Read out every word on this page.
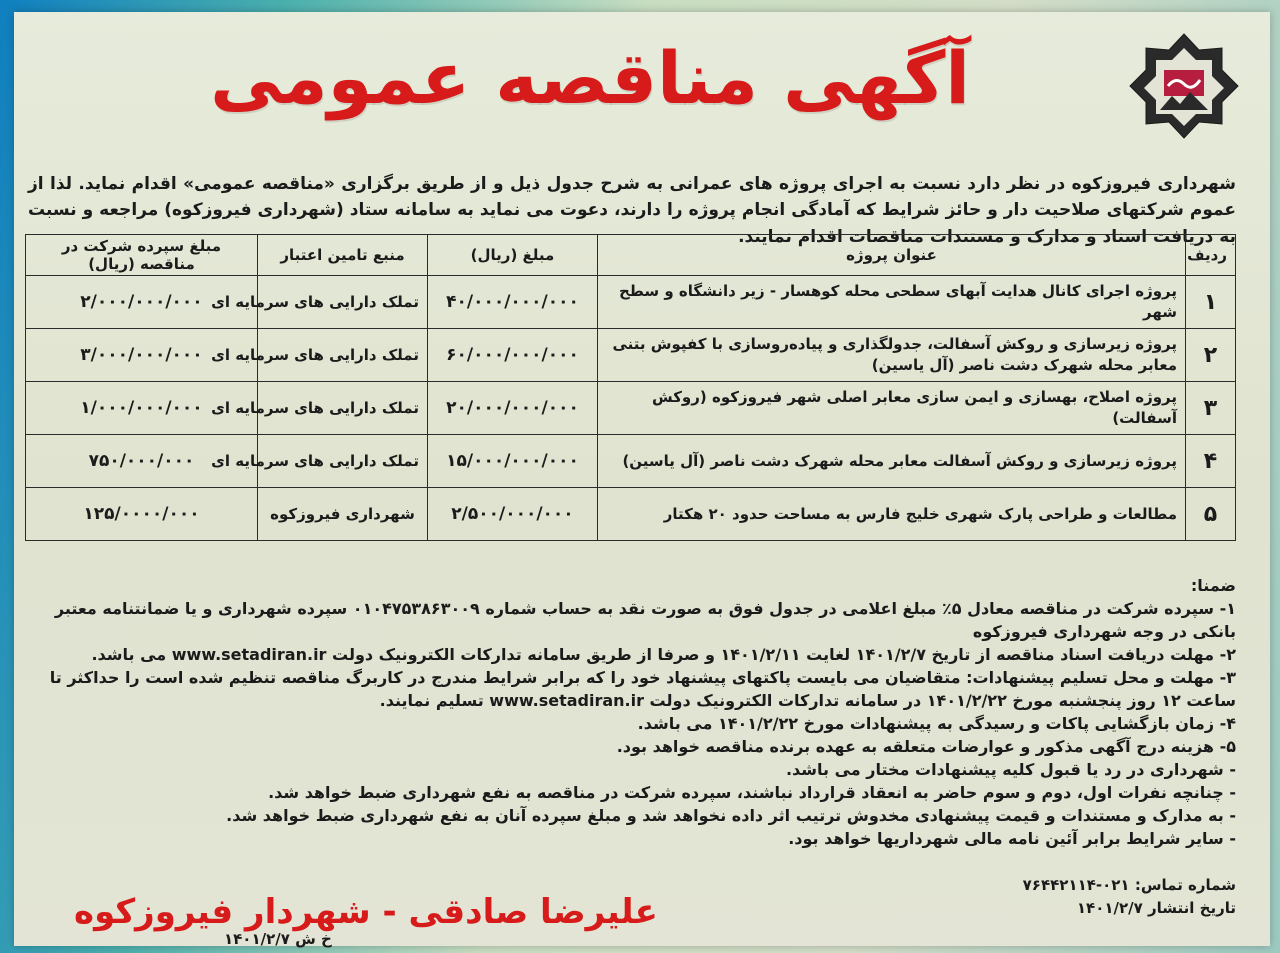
آگهی مناقصه عمومی

شهرداری فیروزکوه در نظر دارد نسبت به اجرای پروژه های عمرانی به شرح جدول ذیل و از طریق برگزاری «مناقصه عمومی» اقدام نماید. لذا از عموم شرکتهای صلاحیت دار و حائز شرایط که آمادگی انجام پروژه را دارند، دعوت می نماید به سامانه ستاد (شهرداری فیروزکوه) مراجعه و نسبت به دریافت اسناد و مدارک و مستندات مناقصات اقدام نمایند.

ردیف	عنوان پروژه	مبلغ (ریال)	منبع تامین اعتبار	مبلغ سپرده شرکت در مناقصه (ریال)
۱	پروژه اجرای کانال هدایت آبهای سطحی محله کوهسار - زیر دانشگاه و سطح شهر	۴۰/۰۰۰/۰۰۰/۰۰۰	تملک دارایی های سرمایه ای	۲/۰۰۰/۰۰۰/۰۰۰
۲	پروژه زیرسازی و روکش آسفالت، جدولگذاری و پیاده‌روسازی با کفپوش بتنی معابر محله شهرک دشت ناصر (آل یاسین)	۶۰/۰۰۰/۰۰۰/۰۰۰	تملک دارایی های سرمایه ای	۳/۰۰۰/۰۰۰/۰۰۰
۳	پروژه اصلاح، بهسازی و ایمن سازی معابر اصلی شهر فیروزکوه (روکش آسفالت)	۲۰/۰۰۰/۰۰۰/۰۰۰	تملک دارایی های سرمایه ای	۱/۰۰۰/۰۰۰/۰۰۰
۴	پروژه زیرسازی و روکش آسفالت معابر محله شهرک دشت ناصر (آل یاسین)	۱۵/۰۰۰/۰۰۰/۰۰۰	تملک دارایی های سرمایه ای	۷۵۰/۰۰۰/۰۰۰
۵	مطالعات و طراحی پارک شهری خلیج فارس به مساحت حدود ۲۰ هکتار	۲/۵۰۰/۰۰۰/۰۰۰	شهرداری فیروزکوه	۱۲۵/۰۰۰۰/۰۰۰

ضمنا:

۱- سپرده شرکت در مناقصه معادل ۵٪ مبلغ اعلامی در جدول فوق به صورت نقد به حساب شماره ۰۱۰۴۷۵۳۸۶۳۰۰۹ سپرده شهرداری و یا ضمانتنامه معتبر بانکی در وجه شهرداری فیروزکوه
۲- مهلت دریافت اسناد مناقصه از تاریخ ۱۴۰۱/۲/۷ لغایت ۱۴۰۱/۲/۱۱ و صرفا از طریق سامانه تدارکات الکترونیک دولت www.setadiran.ir می باشد.
۳- مهلت و محل تسلیم پیشنهادات: متقاضیان می بایست پاکتهای پیشنهاد خود را که برابر شرایط مندرج در کاربرگ مناقصه تنظیم شده است را حداکثر تا ساعت ۱۲ روز پنجشنبه مورخ ۱۴۰۱/۲/۲۲ در سامانه تدارکات الکترونیک دولت www.setadiran.ir تسلیم نمایند.
۴- زمان بازگشایی پاکات و رسیدگی به پیشنهادات مورخ ۱۴۰۱/۲/۲۲ می باشد.
۵- هزینه درج آگهی مذکور و عوارضات متعلقه به عهده برنده مناقصه خواهد بود.
- شهرداری در رد یا قبول کلیه پیشنهادات مختار می باشد.
- چنانچه نفرات اول، دوم و سوم حاضر به انعقاد قرارداد نباشند، سپرده شرکت در مناقصه به نفع شهرداری ضبط خواهد شد.
- به مدارک و مستندات و قیمت پیشنهادی مخدوش ترتیب اثر داده نخواهد شد و مبلغ سپرده آنان به نفع شهرداری ضبط خواهد شد.
- سایر شرایط برابر آئین نامه مالی شهرداریها خواهد بود.
شماره تماس: ۰۲۱-۷۶۴۴۲۱۱۴
تاریخ انتشار ۱۴۰۱/۲/۷
خ ش ۱۴۰۱/۲/۷
علیرضا صادقی - شهردار فیروزکوه
